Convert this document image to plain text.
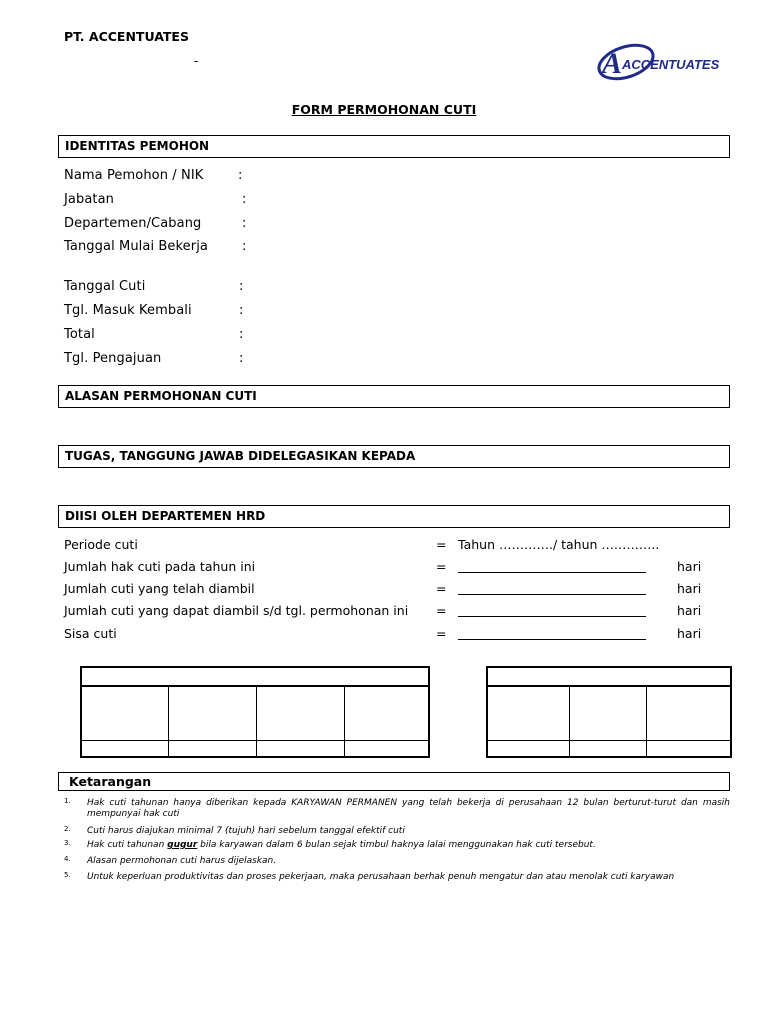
PT. ACCENTUATES
-	A ACCENTUATES
FORM PERMOHONAN CUTI
IDENTITAS PEMOHON
Nama Pemohon / NIK	:
Jabatan	:
Departemen/Cabang	:
Tanggal Mulai Bekerja	:
Tanggal Cuti	:
Tgl. Masuk Kembali	:
Total	:
Tgl. Pengajuan	:
ALASAN PERMOHONAN CUTI
TUGAS, TANGGUNG JAWAB DIDELEGASIKAN KEPADA
DIISI OLEH DEPARTEMEN HRD
Periode cuti	= Tahun …………./ tahun …………..
Jumlah hak cuti pada tahun ini	=	hari
Jumlah cuti yang telah diambil	=	hari
Jumlah cuti yang dapat diambil s/d tgl. permohonan ini =	hari
Sisa cuti	=	hari
Ketarangan
1. Hak cuti tahunan hanya diberikan kepada KARYAWAN PERMANEN yang telah bekerja di perusahaan 12 bulan berturut-turut dan masih mempunyai hak cuti
2. Cuti harus diajukan minimal 7 (tujuh) hari sebelum tanggal efektif cuti
3. Hak cuti tahunan gugur bila karyawan dalam 6 bulan sejak timbul haknya lalai menggunakan hak cuti tersebut.
4. Alasan permohonan cuti harus dijelaskan.
5. Untuk keperluan produktivitas dan proses pekerjaan, maka perusahaan berhak penuh mengatur dan atau menolak cuti karyawan
